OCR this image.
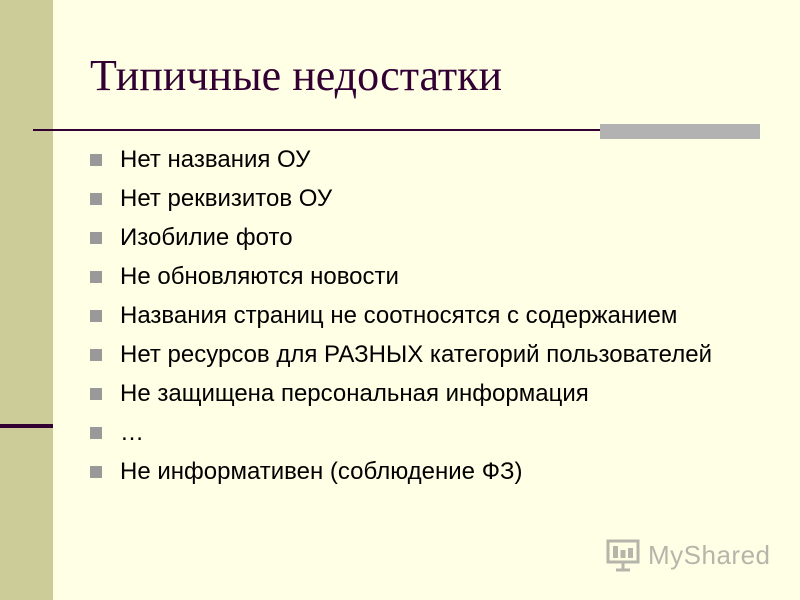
Типичные недостатки
Нет названия ОУ
Нет реквизитов ОУ
Изобилие фото
Не обновляются новости
Названия страниц не соотносятся с содержанием
Нет ресурсов для РАЗНЫХ категорий пользователей
Не защищена персональная информация
…
Не информативен (соблюдение ФЗ)
MyShared
